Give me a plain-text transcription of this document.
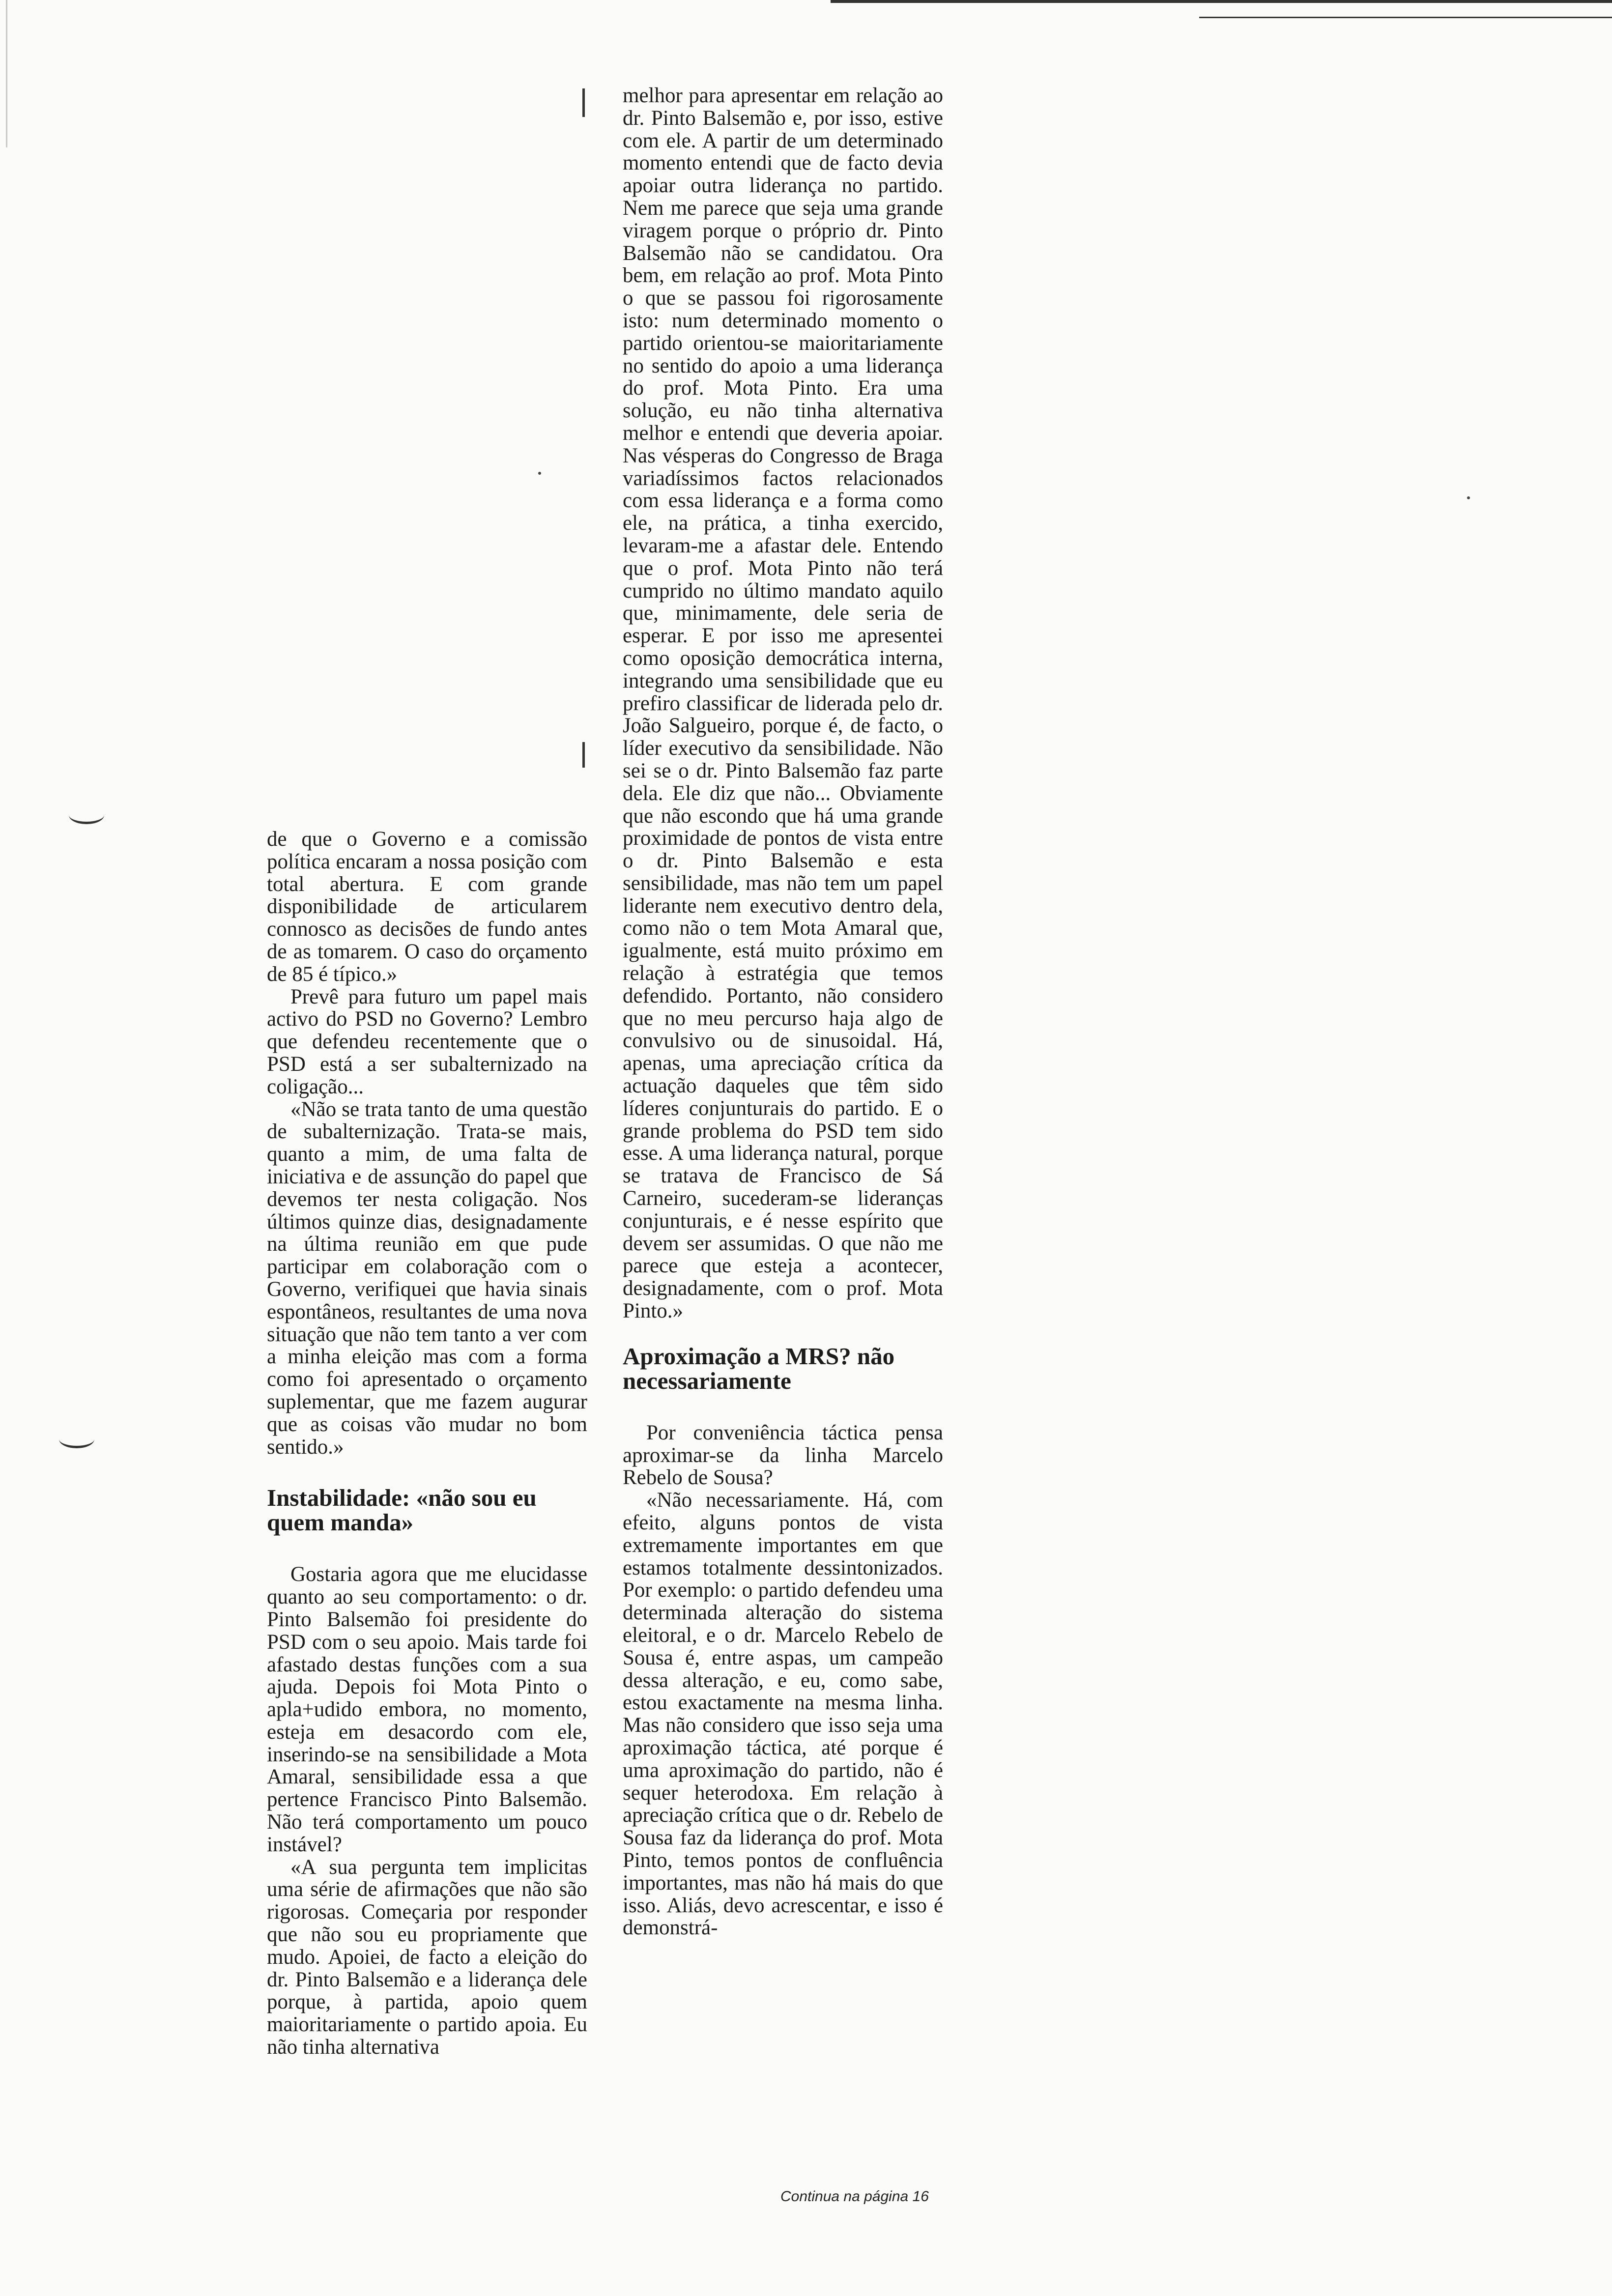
de que o Governo e a comissão política encaram a nossa posição com total abertura. E com grande disponibilidade de articularem connosco as decisões de fundo antes de as tomarem. O caso do orçamento de 85 é típico.»

Prevê para futuro um papel mais activo do PSD no Governo? Lembro que defendeu recentemente que o PSD está a ser subalternizado na coligação...

«Não se trata tanto de uma questão de subalternização. Trata-se mais, quanto a mim, de uma falta de iniciativa e de assunção do papel que devemos ter nesta coligação. Nos últimos quinze dias, designadamente na última reunião em que pude participar em colaboração com o Governo, verifiquei que havia sinais espontâneos, resultantes de uma nova situação que não tem tanto a ver com a minha eleição mas com a forma como foi apresentado o orçamento suplementar, que me fazem augurar que as coisas vão mudar no bom sentido.»

Instabilidade: «não sou eu quem manda»

Gostaria agora que me elucidasse quanto ao seu comportamento: o dr. Pinto Balsemão foi presidente do PSD com o seu apoio. Mais tarde foi afastado destas funções com a sua ajuda. Depois foi Mota Pinto o apla+udido embora, no momento, esteja em desacordo com ele, inserindo-se na sensibilidade a Mota Amaral, sensibilidade essa a que pertence Francisco Pinto Balsemão. Não terá comportamento um pouco instável?

«A sua pergunta tem implicitas uma série de afirmações que não são rigorosas. Começaria por responder que não sou eu propriamente que mudo. Apoiei, de facto a eleição do dr. Pinto Balsemão e a liderança dele porque, à partida, apoio quem maioritariamente o partido apoia. Eu não tinha alternativa

melhor para apresentar em relação ao dr. Pinto Balsemão e, por isso, estive com ele. A partir de um determinado momento entendi que de facto devia apoiar outra liderança no partido. Nem me parece que seja uma grande viragem porque o próprio dr. Pinto Balsemão não se candidatou. Ora bem, em relação ao prof. Mota Pinto o que se passou foi rigorosamente isto: num determinado momento o partido orientou-se maioritariamente no sentido do apoio a uma liderança do prof. Mota Pinto. Era uma solução, eu não tinha alternativa melhor e entendi que deveria apoiar. Nas vésperas do Congresso de Braga variadíssimos factos relacionados com essa liderança e a forma como ele, na prática, a tinha exercido, levaram-me a afastar dele. Entendo que o prof. Mota Pinto não terá cumprido no último mandato aquilo que, minimamente, dele seria de esperar. E por isso me apresentei como oposição democrática interna, integrando uma sensibilidade que eu prefiro classificar de liderada pelo dr. João Salgueiro, porque é, de facto, o líder executivo da sensibilidade. Não sei se o dr. Pinto Balsemão faz parte dela. Ele diz que não... Obviamente que não escondo que há uma grande proximidade de pontos de vista entre o dr. Pinto Balsemão e esta sensibilidade, mas não tem um papel liderante nem executivo dentro dela, como não o tem Mota Amaral que, igualmente, está muito próximo em relação à estratégia que temos defendido. Portanto, não considero que no meu percurso haja algo de convulsivo ou de sinusoidal. Há, apenas, uma apreciação crítica da actuação daqueles que têm sido líderes conjunturais do partido. E o grande problema do PSD tem sido esse. A uma liderança natural, porque se tratava de Francisco de Sá Carneiro, sucederam-se lideranças conjunturais, e é nesse espírito que devem ser assumidas. O que não me parece que esteja a acontecer, designadamente, com o prof. Mota Pinto.»

Aproximação a MRS? não necessariamente

Por conveniência táctica pensa aproximar-se da linha Marcelo Rebelo de Sousa?

«Não necessariamente. Há, com efeito, alguns pontos de vista extremamente importantes em que estamos totalmente dessintonizados. Por exemplo: o partido defendeu uma determinada alteração do sistema eleitoral, e o dr. Marcelo Rebelo de Sousa é, entre aspas, um campeão dessa alteração, e eu, como sabe, estou exactamente na mesma linha. Mas não considero que isso seja uma aproximação táctica, até porque é uma aproximação do partido, não é sequer heterodoxa. Em relação à apreciação crítica que o dr. Rebelo de Sousa faz da liderança do prof. Mota Pinto, temos pontos de confluência importantes, mas não há mais do que isso. Aliás, devo acrescentar, e isso é demonstrá-

Continua na página 16
